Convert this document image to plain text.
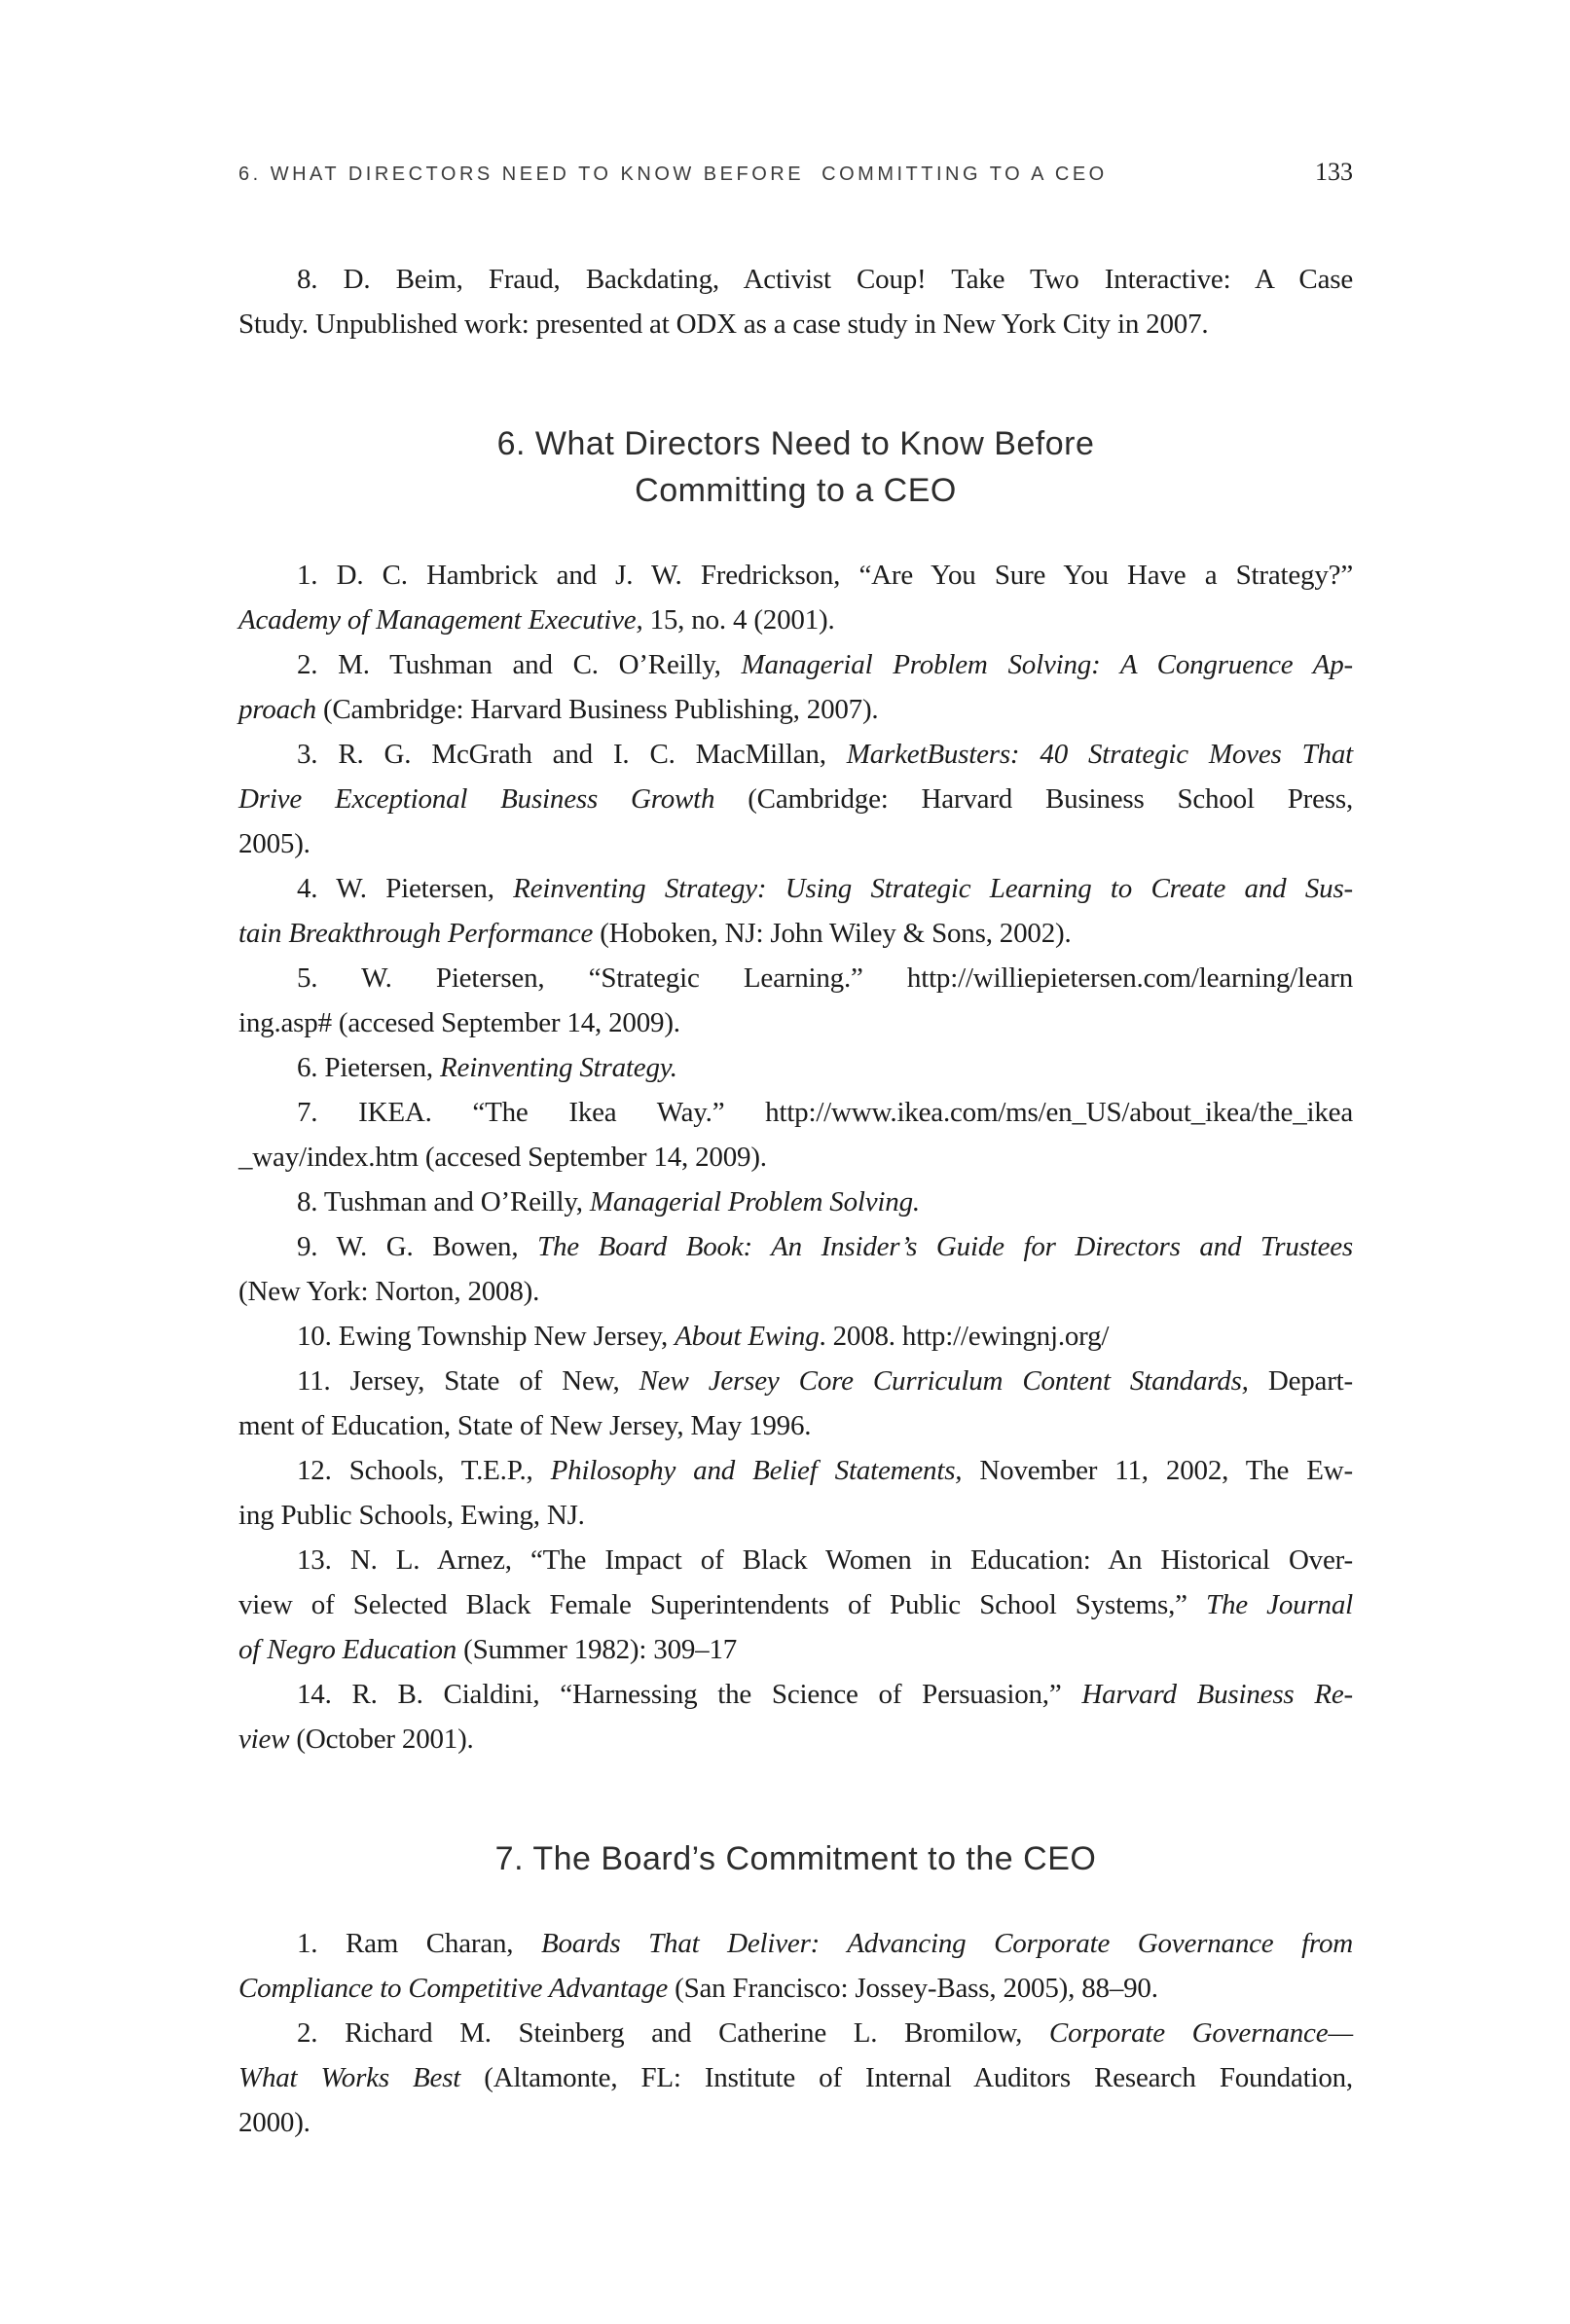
6. WHAT DIRECTORS NEED TO KNOW BEFORE  COMMITTING TO A CEO	133
8. D. Beim, Fraud, Backdating, Activist Coup! Take Two Interactive: A Case
Study. Unpublished work: presented at ODX as a case study in New York City in 2007.
6. What Directors Need to Know Before
Committing to a CEO
1. D. C. Hambrick and J. W. Fredrickson, “Are You Sure You Have a Strategy?”
Academy of Management Executive, 15, no. 4 (2001).
2. M. Tushman and C. O’Reilly, Managerial Problem Solving: A Congruence Ap-
proach (Cambridge: Harvard Business Publishing, 2007).
3. R. G. McGrath and I. C. MacMillan, MarketBusters: 40 Strategic Moves That
Drive Exceptional Business Growth (Cambridge: Harvard Business School Press,
2005).
4. W. Pietersen, Reinventing Strategy: Using Strategic Learning to Create and Sus-
tain Breakthrough Performance (Hoboken, NJ: John Wiley & Sons, 2002).
5. W. Pietersen, “Strategic Learning.” http://williepietersen.com/learning/learn
ing.asp# (accesed September 14, 2009).
6. Pietersen, Reinventing Strategy.
7. IKEA. “The Ikea Way.” http://www.ikea.com/ms/en_US/about_ikea/the_ikea
_way/index.htm (accesed September 14, 2009).
8. Tushman and O’Reilly, Managerial Problem Solving.
9. W. G. Bowen, The Board Book: An Insider’s Guide for Directors and Trustees
(New York: Norton, 2008).
10. Ewing Township New Jersey, About Ewing. 2008. http://ewingnj.org/
11. Jersey, State of New, New Jersey Core Curriculum Content Standards, Depart-
ment of Education, State of New Jersey, May 1996.
12. Schools, T.E.P., Philosophy and Belief Statements, November 11, 2002, The Ew-
ing Public Schools, Ewing, NJ.
13. N. L. Arnez, “The Impact of Black Women in Education: An Historical Over-
view of Selected Black Female Superintendents of Public School Systems,” The Journal
of Negro Education (Summer 1982): 309–17
14. R. B. Cialdini, “Harnessing the Science of Persuasion,” Harvard Business Re-
view (October 2001).
7. The Board’s Commitment to the CEO
1. Ram Charan, Boards That Deliver: Advancing Corporate Governance from
Compliance to Competitive Advantage (San Francisco: Jossey-Bass, 2005), 88–90.
2. Richard M. Steinberg and Catherine L. Bromilow, Corporate Governance—
What Works Best (Altamonte, FL: Institute of Internal Auditors Research Foundation,
2000).
